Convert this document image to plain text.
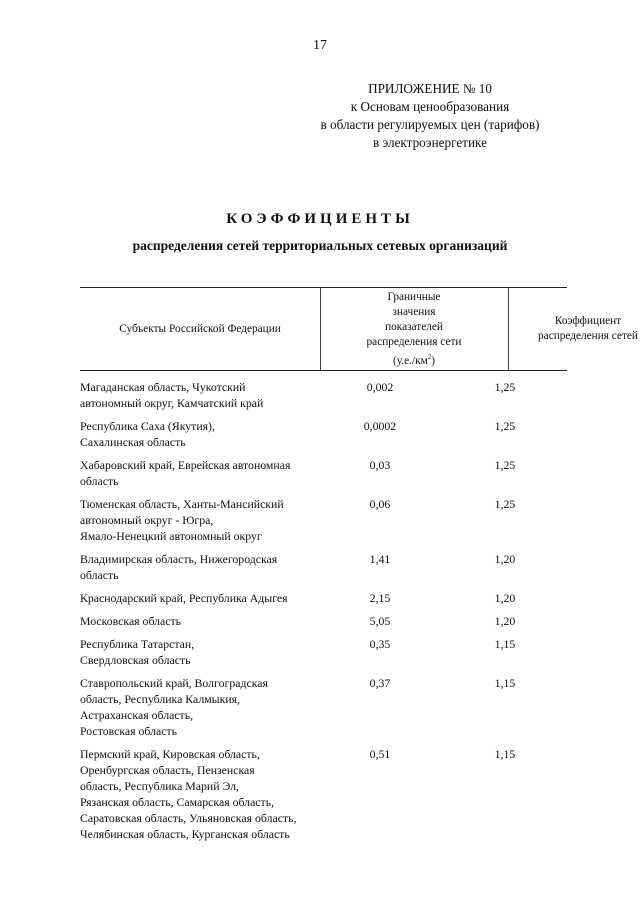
17
ПРИЛОЖЕНИЕ № 10
к Основам ценообразования
в области регулируемых цен (тарифов)
в электроэнергетике
КОЭФФИЦИЕНТЫ
распределения сетей территориальных сетевых организаций
Субъекты Российской Федерации
Граничные
значения
показателей
распределения сети
$(у.е./км^2)$
Коэффициент
распределения сетей
Магаданская область, Чукотский
автономный округ, Камчатский край
0,002	1,25
Республика Саха (Якутия),
Сахалинская область
0,0002	1,25
Хабаровский край, Еврейская автономная
область
0,03	1,25
Тюменская область, Ханты-Мансийский
автономный округ - Югра,
Ямало-Ненецкий автономный округ
0,06	1,25
Владимирская область, Нижегородская
область
1,41	1,20
Краснодарский край, Республика Адыгея	2,15	1,20
Московская область	5,05	1,20
Республика Татарстан,
Свердловская область
0,35	1,15
Ставропольский край, Волгоградская
область, Республика Калмыкия,
Астраханская область,
Ростовская область
0,37	1,15
Пермский край, Кировская область,
Оренбургская область, Пензенская
область, Республика Марий Эл,
Рязанская область, Самарская область,
Саратовская область, Ульяновская область,
Челябинская область, Курганская область
0,51	1,15
